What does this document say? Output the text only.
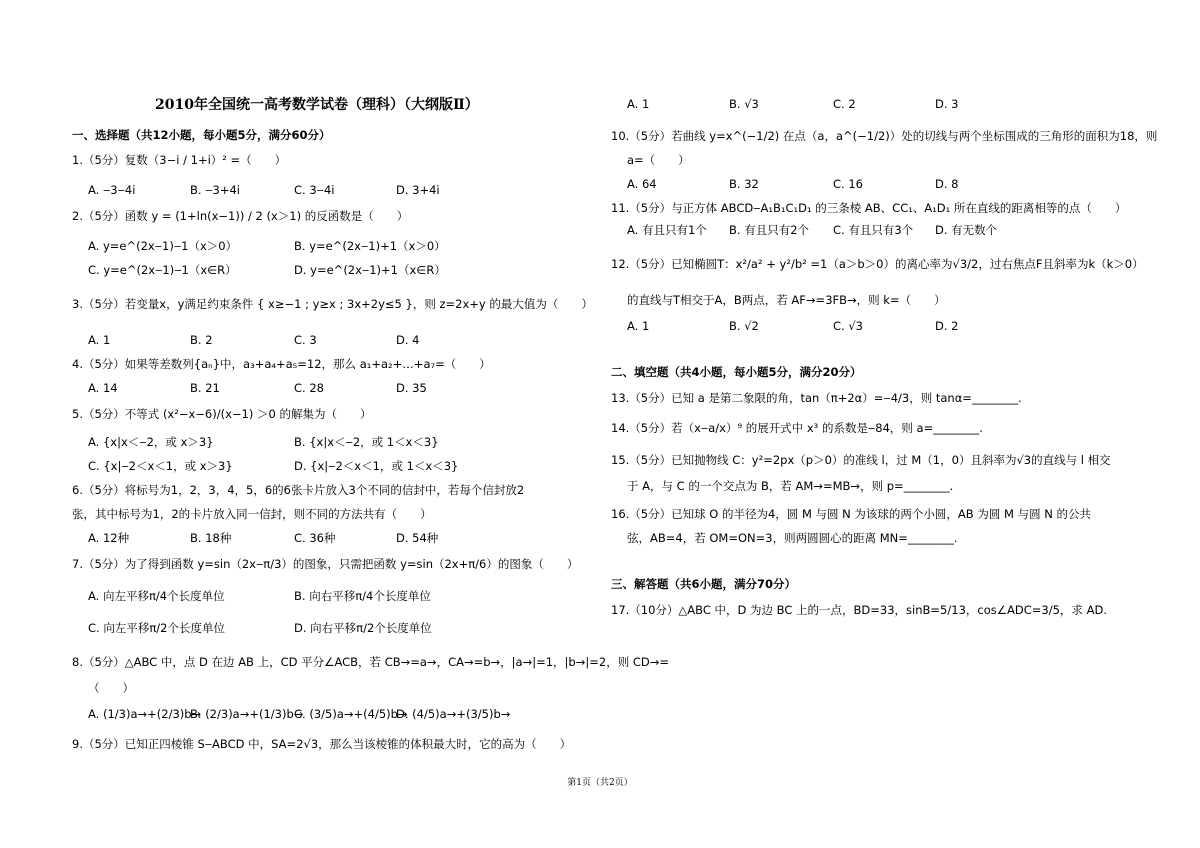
2010年全国统一高考数学试卷（理科）（大纲版Ⅱ）
一、选择题（共12小题，每小题5分，满分60分）
1.（5分）复数（3−i / 1+i）² =（　　）
A. ‒3‒4i	B. ‒3+4i	C. 3‒4i	D. 3+4i
2.（5分）函数 y = (1+ln(x−1)) / 2 (x＞1) 的反函数是（　　）
A. y=e^(2x‒1)‒1（x＞0）	B. y=e^(2x‒1)+1（x＞0）
C. y=e^(2x‒1)‒1（x∈R）	D. y=e^(2x‒1)+1（x∈R）
3.（5分）若变量x，y满足约束条件 { x≥−1 ; y≥x ; 3x+2y≤5 }，则 z=2x+y 的最大值为（　　）
A. 1	B. 2	C. 3	D. 4
4.（5分）如果等差数列{aₙ}中，a₃+a₄+a₅=12，那么 a₁+a₂+…+a₇=（　　）
A. 14	B. 21	C. 28	D. 35
5.（5分）不等式 (x²−x−6)/(x−1) ＞0 的解集为（　　）
A. {x|x＜‒2，或 x＞3}	B. {x|x＜‒2，或 1＜x＜3}
C. {x|‒2＜x＜1，或 x＞3}	D. {x|‒2＜x＜1，或 1＜x＜3}
6.（5分）将标号为1，2，3，4，5，6的6张卡片放入3个不同的信封中，若每个信封放2
张，其中标号为1，2的卡片放入同一信封，则不同的方法共有（　　）
A. 12种	B. 18种	C. 36种	D. 54种
7.（5分）为了得到函数 y=sin（2x‒π/3）的图象，只需把函数 y=sin（2x+π/6）的图象（　　）
A. 向左平移π/4个长度单位	B. 向右平移π/4个长度单位
C. 向左平移π/2个长度单位	D. 向右平移π/2个长度单位
8.（5分）△ABC 中，点 D 在边 AB 上，CD 平分∠ACB，若 CB→=a→，CA→=b→，|a→|=1，|b→|=2，则 CD→=
（　　）
A. (1/3)a→+(2/3)b→
B. (2/3)a→+(1/3)b→
C. (3/5)a→+(4/5)b→
D. (4/5)a→+(3/5)b→
9.（5分）已知正四棱锥 S‒ABCD 中，SA=2√3，那么当该棱锥的体积最大时，它的高为（　　）
A. 1	B. √3	C. 2	D. 3
10.（5分）若曲线 y=x^(−1/2) 在点（a，a^(−1/2)）处的切线与两个坐标围成的三角形的面积为18，则
a=（　　）
A. 64	B. 32	C. 16	D. 8
11.（5分）与正方体 ABCD‒A₁B₁C₁D₁ 的三条棱 AB、CC₁、A₁D₁ 所在直线的距离相等的点（　　）
A. 有且只有1个 B. 有且只有2个 C. 有且只有3个 D. 有无数个
12.（5分）已知椭圆T：x²/a² + y²/b² =1（a＞b＞0）的离心率为√3/2，过右焦点F且斜率为k（k＞0）
的直线与T相交于A，B两点，若 AF→=3FB→，则 k=（　　）
A. 1	B. √2	C. √3	D. 2
二、填空题（共4小题，每小题5分，满分20分）
13.（5分）已知 a 是第二象限的角，tan（π+2α）=‒4/3，则 tanα=________.
14.（5分）若（x‒a/x）⁹ 的展开式中 x³ 的系数是‒84，则 a=________.
15.（5分）已知抛物线 C：y²=2px（p＞0）的准线 l，过 M（1，0）且斜率为√3的直线与 l 相交
于 A，与 C 的一个交点为 B，若 AM→=MB→，则 p=________.
16.（5分）已知球 O 的半径为4，圆 M 与圆 N 为该球的两个小圆，AB 为圆 M 与圆 N 的公共
弦，AB=4，若 OM=ON=3，则两圆圆心的距离 MN=________.
三、解答题（共6小题，满分70分）
17.（10分）△ABC 中，D 为边 BC 上的一点，BD=33，sinB=5/13，cos∠ADC=3/5，求 AD.
第1页（共2页）
